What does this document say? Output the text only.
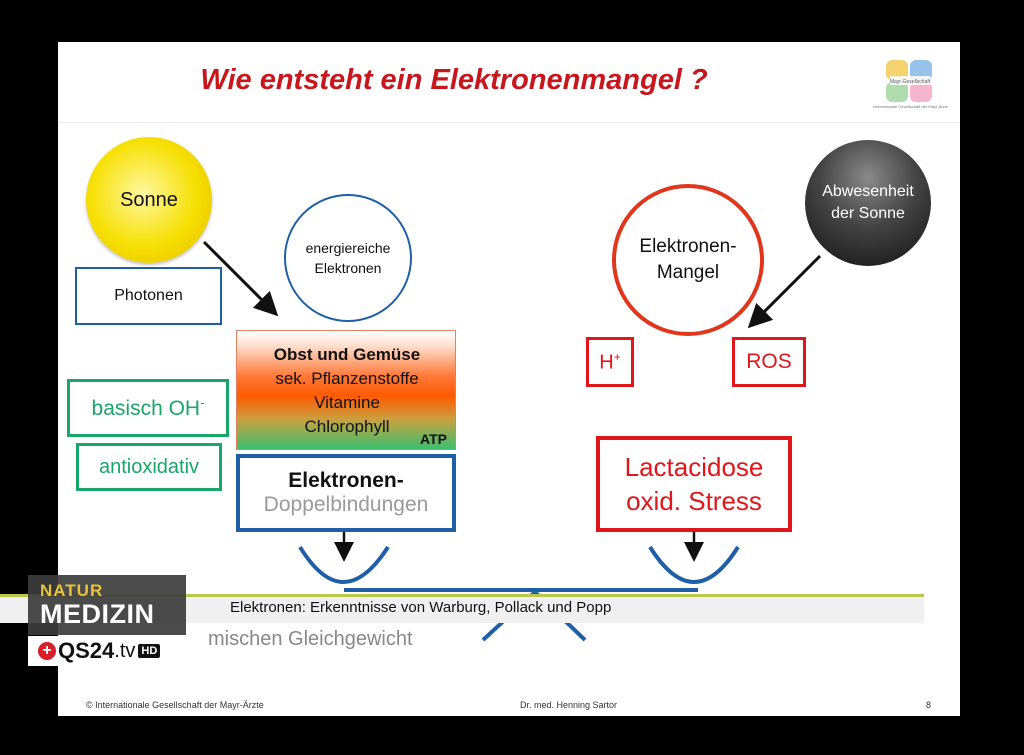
Wie entsteht ein Elektronenmangel ?	Mayr-Gesellschaft
Internationale Gesellschaft der Mayr-Ärzte
Sonne
Photonen
energiereiche
Elektronen
Obst und Gemüse
sek. Pflanzenstoffe
Vitamine
Chlorophyll
ATP
basisch OH-
antioxidativ
Elektronen-
Doppelbindungen
Abwesenheit
der Sonne
Elektronen-
Mangel
H+	ROS
Lactacidose
oxid. Stress
mischen Gleichgewicht
© Internationale Gesellschaft der Mayr-Ärzte	Dr. med. Henning Sartor	8
Elektronen: Erkenntnisse von Warburg, Pollack und Popp
NATUR
MEDIZIN
+ QS24 .tv HD
